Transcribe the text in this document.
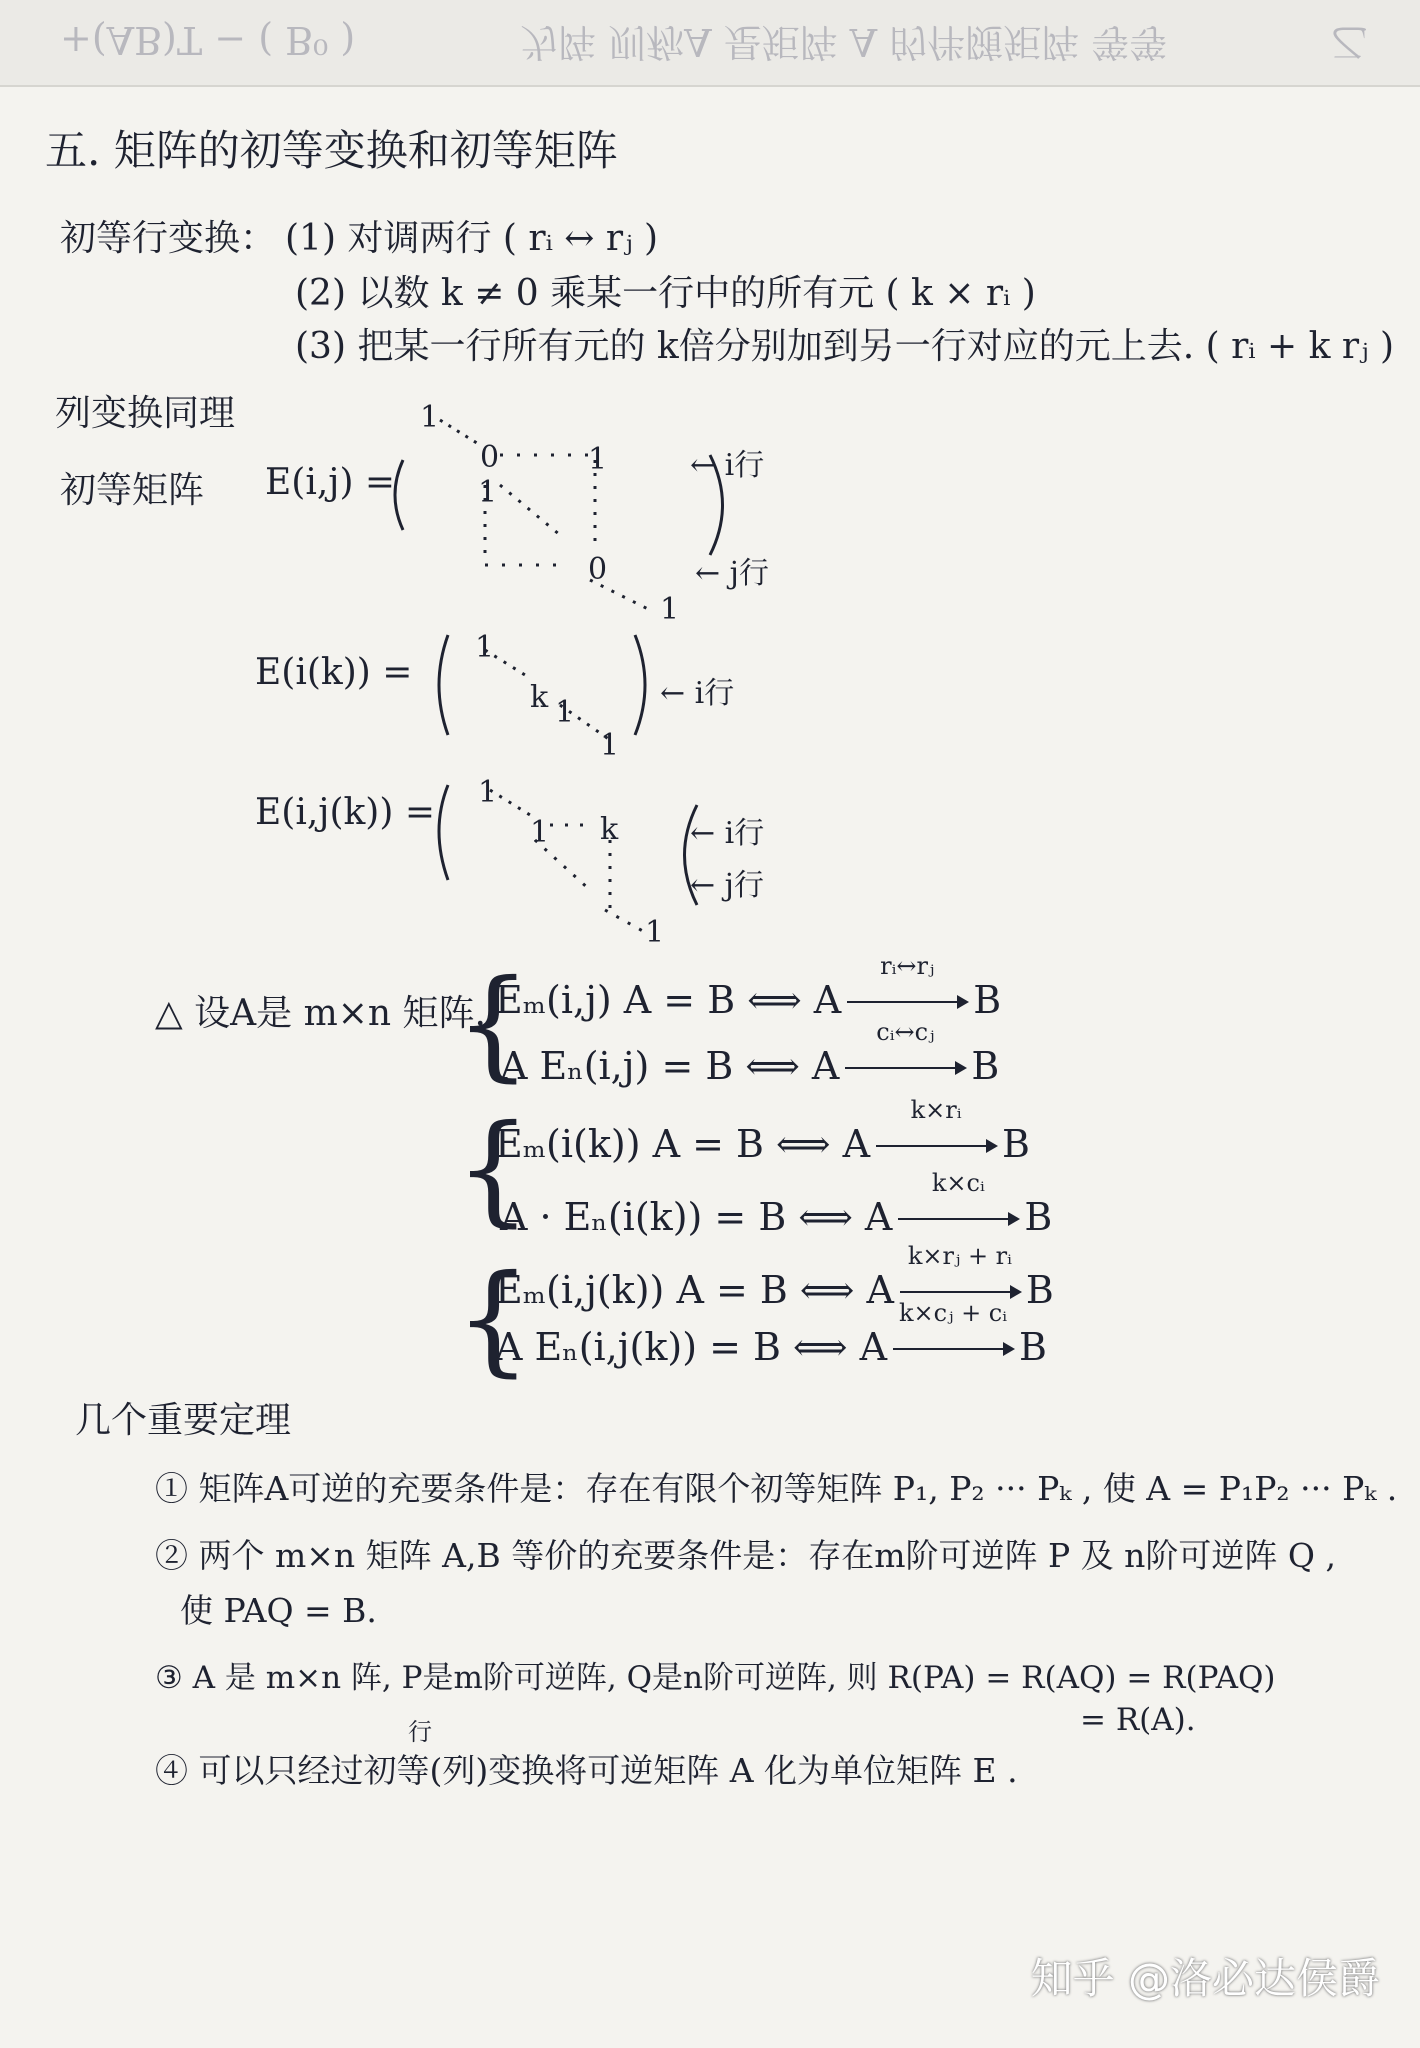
+(AB)T − ( B⁰ )	为阵 则称A 是矩阵 A 的伴随矩阵 等等	乙
五. 矩阵的初等变换和初等矩阵
初等行变换： (1) 对调两行 ( rᵢ ↔ rⱼ )
(2) 以数 k ≠ 0 乘某一行中的所有元 ( k × rᵢ )
(3) 把某一行所有元的 k倍分别加到另一行对应的元上去. ( rᵢ + k rⱼ )
列变换同理
初等矩阵 E(i,j) =
1
0	1
1
0
1
← i行
← j行
E(i(k)) =
1
k 1
1
← i行
E(i,j(k)) = 1
1 k
1
← i行
← j行
△ 设A是 m×n 矩阵.
{
{
{
Eₘ(i,j) A = B ⟺ A
rᵢ↔rⱼ
B
A Eₙ(i,j) = B ⟺ A
cᵢ↔cⱼ
B
Eₘ(i(k)) A = B ⟺ A
k×rᵢ
B
A · Eₙ(i(k)) = B ⟺ A
k×cᵢ
B
Eₘ(i,j(k)) A = B ⟺ A
k×rⱼ + rᵢ
B
A Eₙ(i,j(k)) = B ⟺ A
k×cⱼ + cᵢ
B
几个重要定理
① 矩阵A可逆的充要条件是：存在有限个初等矩阵 P₁, P₂ ··· Pₖ , 使 A = P₁P₂ ··· Pₖ .
② 两个 m×n 矩阵 A,B 等价的充要条件是：存在m阶可逆阵 P 及 n阶可逆阵 Q ,
使 PAQ = B.
③ A 是 m×n 阵, P是m阶可逆阵, Q是n阶可逆阵, 则 R(PA) = R(AQ) = R(PAQ)
= R(A).
④ 可以只经过初等(列)变换将可逆矩阵 A 化为单位矩阵 E .
行
知乎 @洛必达侯爵
